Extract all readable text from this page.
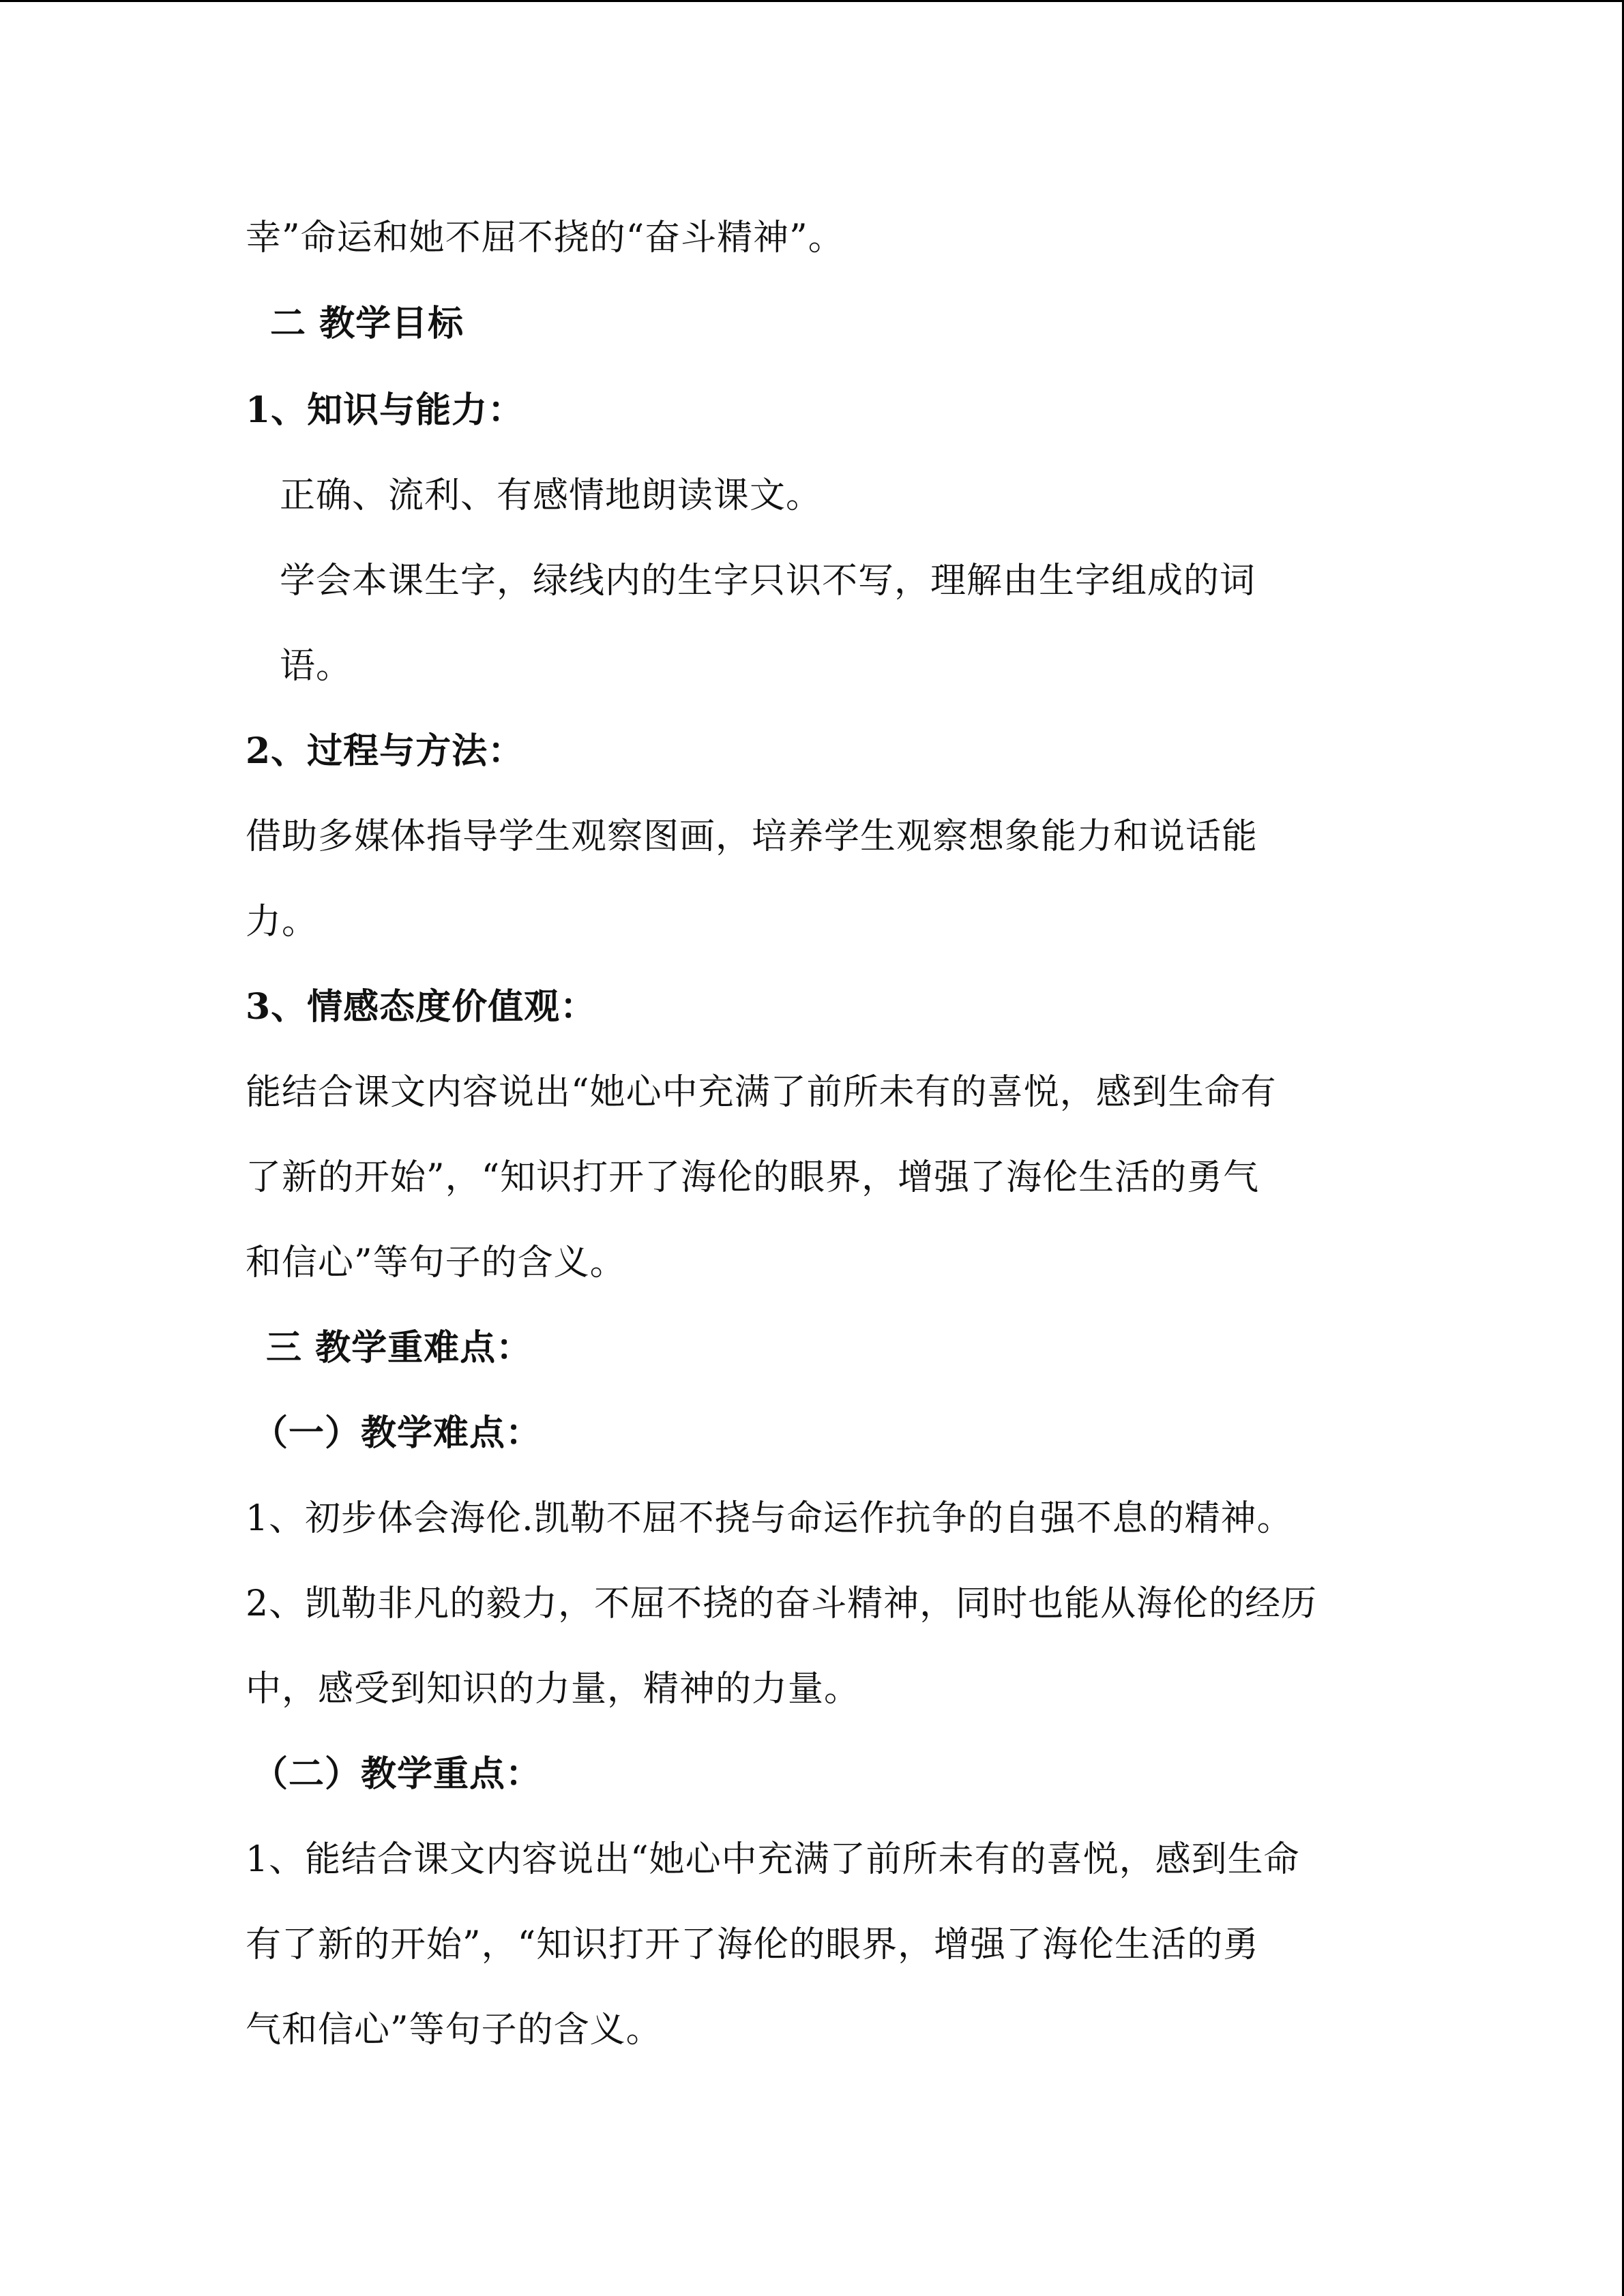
幸”命运和她不屈不挠的“奋斗精神”。
二 教学目标
1、知识与能力：
正确、流利、有感情地朗读课文。
学会本课生字，绿线内的生字只识不写，理解由生字组成的词
语。
2、过程与方法：
借助多媒体指导学生观察图画，培养学生观察想象能力和说话能
力。
3、情感态度价值观：
能结合课文内容说出“她心中充满了前所未有的喜悦，感到生命有
了新的开始”，“知识打开了海伦的眼界，增强了海伦生活的勇气
和信心”等句子的含义。
三 教学重难点：
（一）教学难点：
1、初步体会海伦.凯勒不屈不挠与命运作抗争的自强不息的精神。
2、凯勒非凡的毅力，不屈不挠的奋斗精神，同时也能从海伦的经历
中，感受到知识的力量，精神的力量。
（二）教学重点：
1、能结合课文内容说出“她心中充满了前所未有的喜悦，感到生命
有了新的开始”，“知识打开了海伦的眼界，增强了海伦生活的勇
气和信心”等句子的含义。
